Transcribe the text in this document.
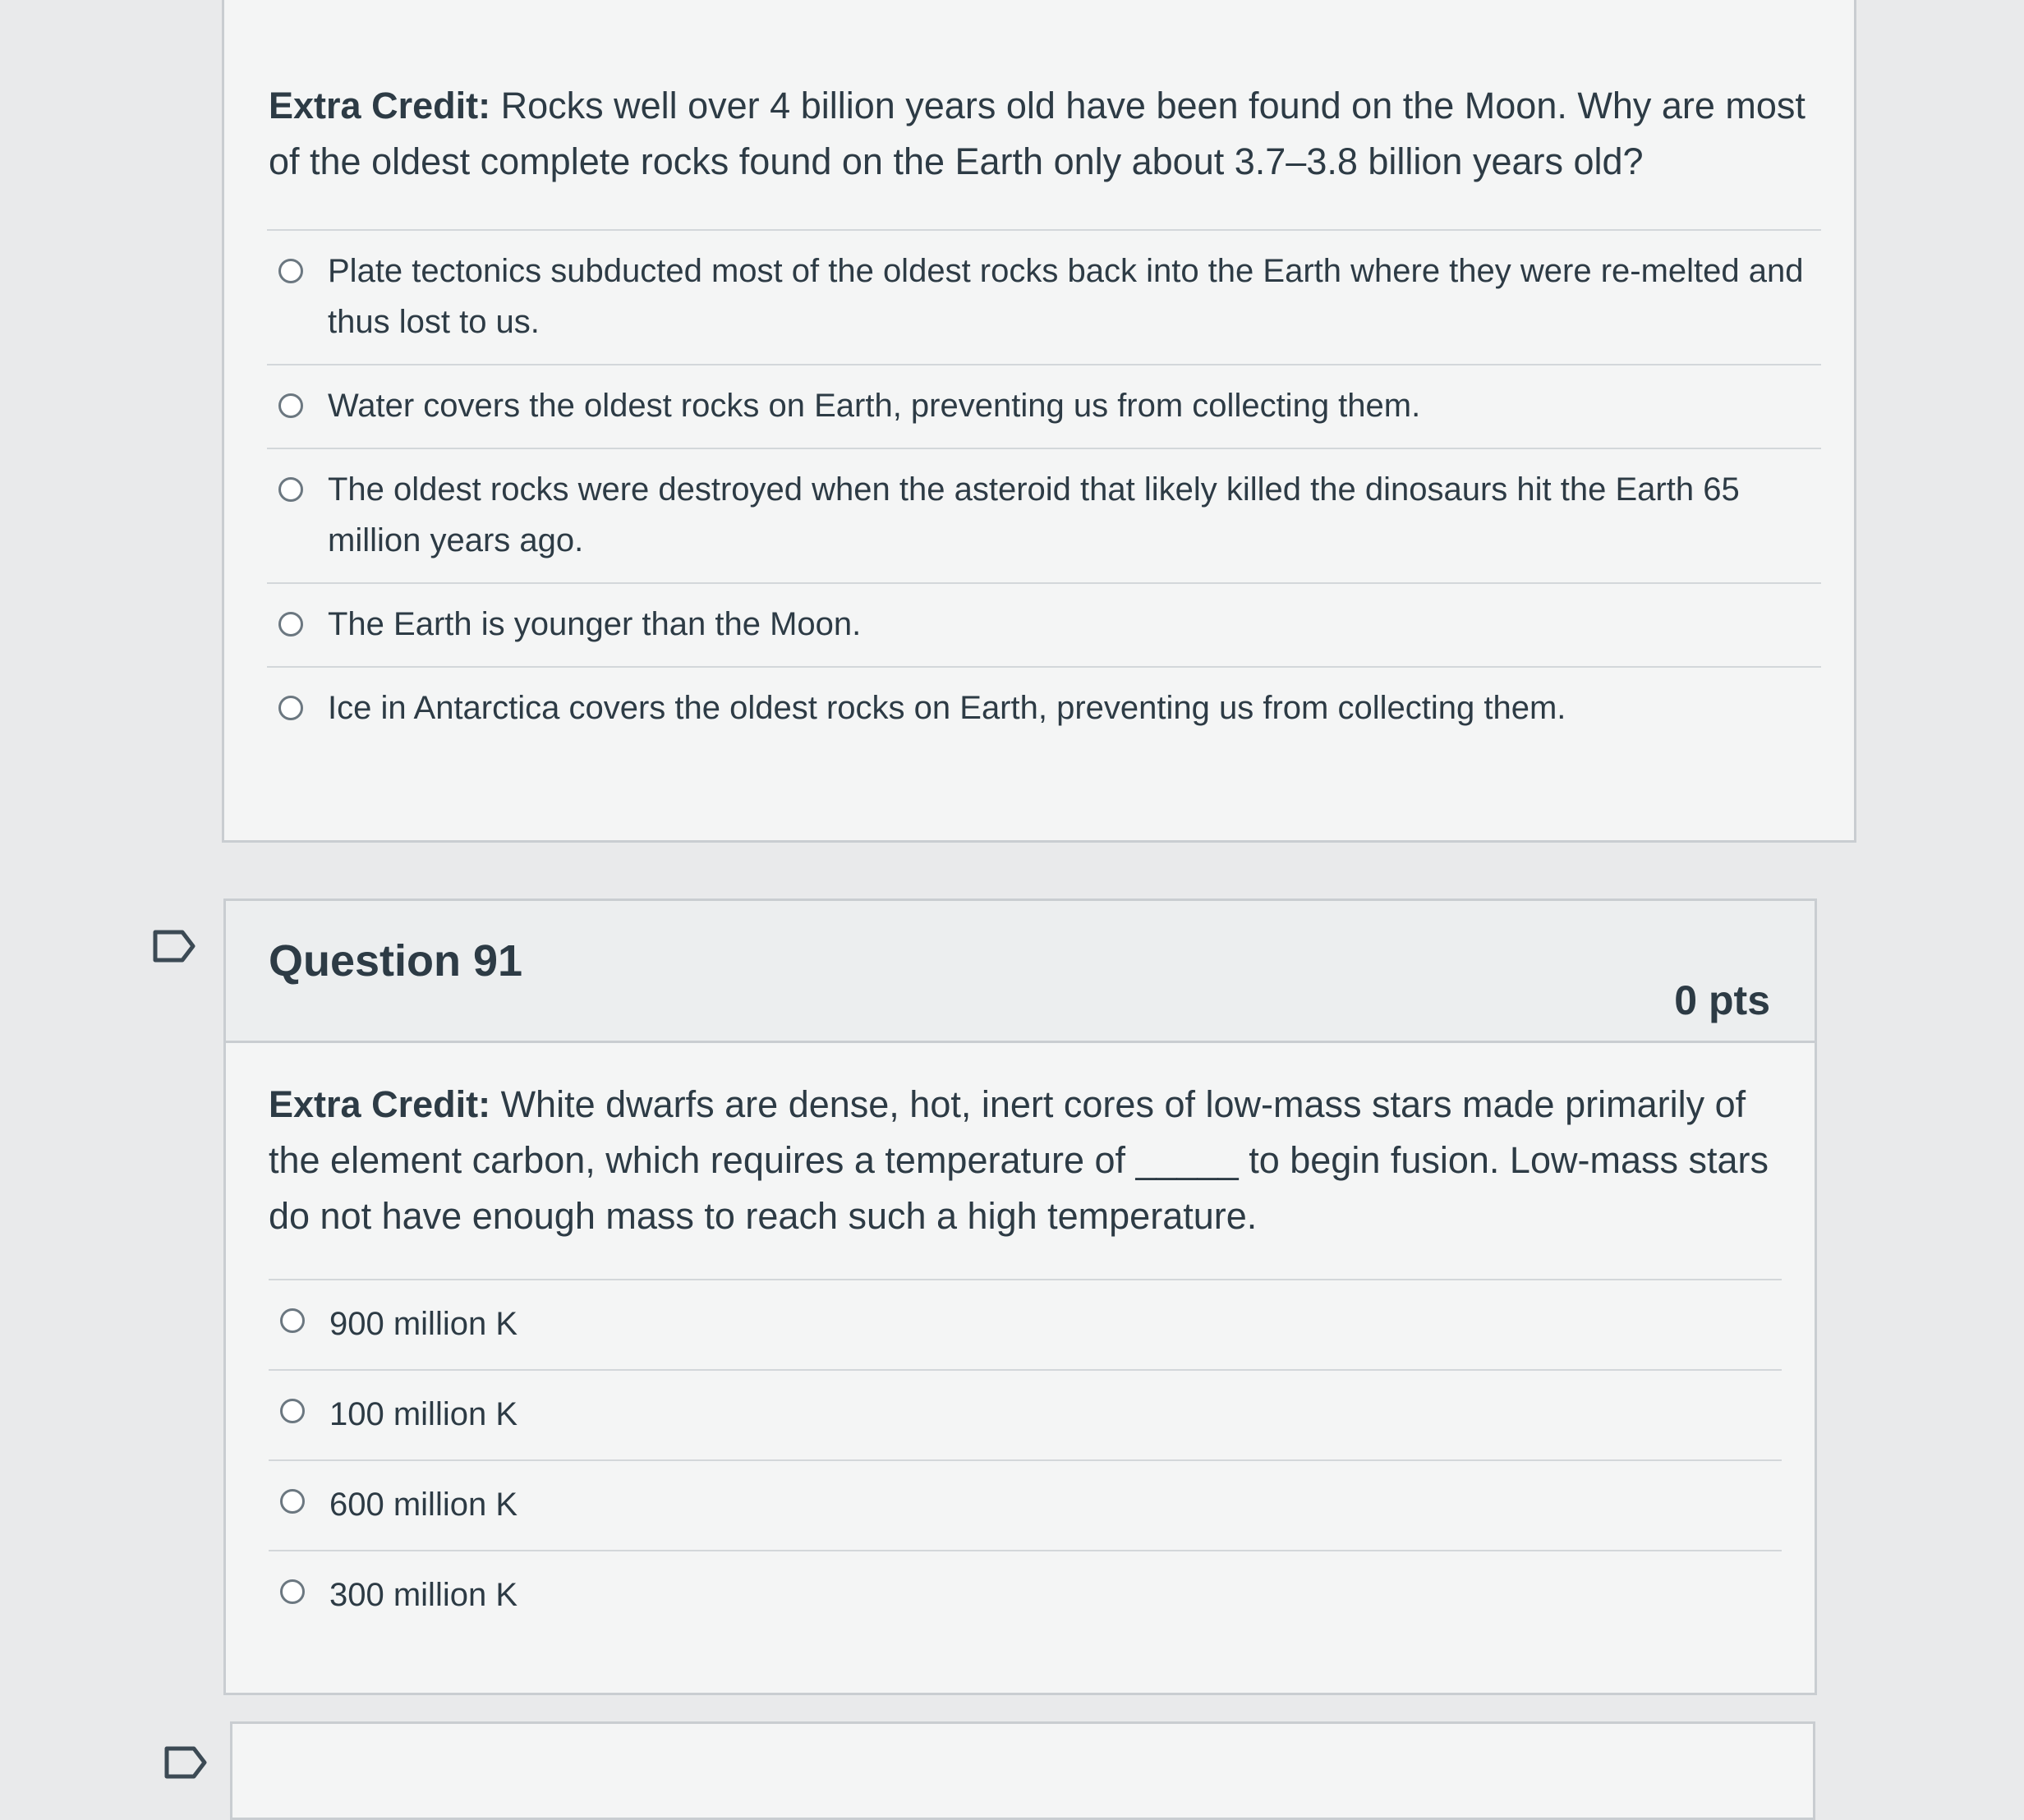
Extra Credit: Rocks well over 4 billion years old have been found on the Moon. Why are most of the oldest complete rocks found on the Earth only about 3.7–3.8 billion years old?
Plate tectonics subducted most of the oldest rocks back into the Earth where they were re-melted and thus lost to us.
Water covers the oldest rocks on Earth, preventing us from collecting them.
The oldest rocks were destroyed when the asteroid that likely killed the dinosaurs hit the Earth 65 million years ago.
The Earth is younger than the Moon.
Ice in Antarctica covers the oldest rocks on Earth, preventing us from collecting them.
Question 91
0 pts
Extra Credit: White dwarfs are dense, hot, inert cores of low-mass stars made primarily of the element carbon, which requires a temperature of _____ to begin fusion. Low-mass stars do not have enough mass to reach such a high temperature.
900 million K
100 million K
600 million K
300 million K
